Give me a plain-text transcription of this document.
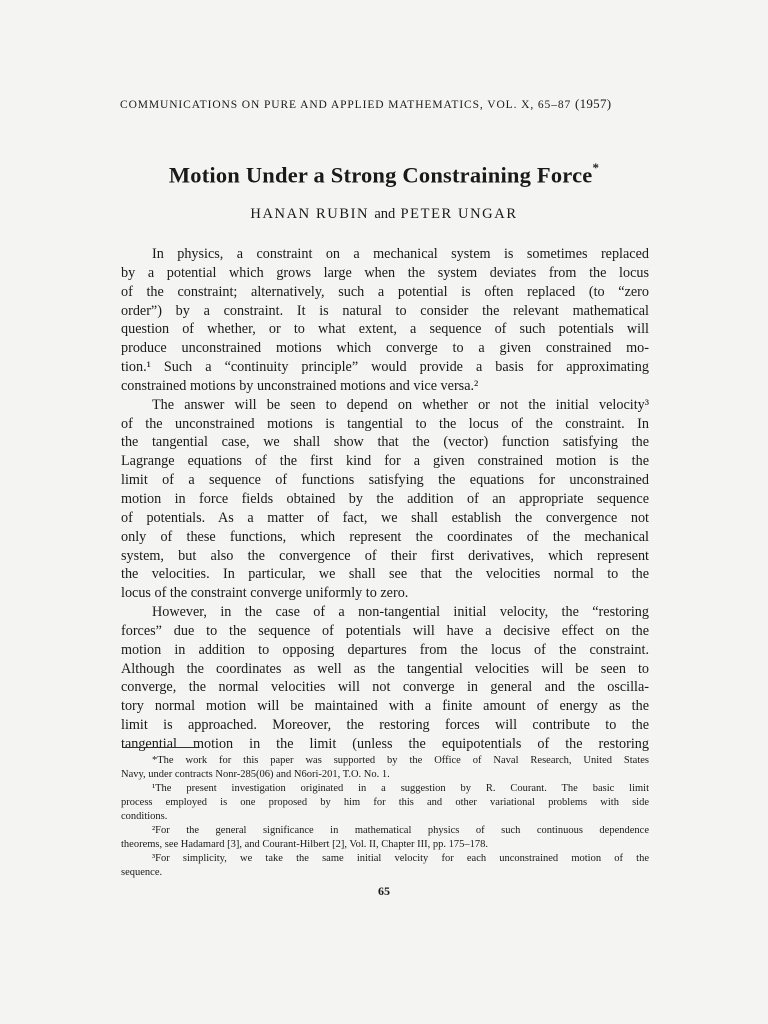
COMMUNICATIONS ON PURE AND APPLIED MATHEMATICS, VOL. X, 65–87 (1957)
Motion Under a Strong Constraining Force*
HANAN RUBIN and PETER UNGAR
In physics, a constraint on a mechanical system is sometimes replaced
by a potential which grows large when the system deviates from the locus
of the constraint; alternatively, such a potential is often replaced (to “zero
order”) by a constraint. It is natural to consider the relevant mathematical
question of whether, or to what extent, a sequence of such potentials will
produce unconstrained motions which converge to a given constrained mo-
tion.¹ Such a “continuity principle” would provide a basis for approximating
constrained motions by unconstrained motions and vice versa.²
The answer will be seen to depend on whether or not the initial velocity³
of the unconstrained motions is tangential to the locus of the constraint. In
the tangential case, we shall show that the (vector) function satisfying the
Lagrange equations of the first kind for a given constrained motion is the
limit of a sequence of functions satisfying the equations for unconstrained
motion in force fields obtained by the addition of an appropriate sequence
of potentials. As a matter of fact, we shall establish the convergence not
only of these functions, which represent the coordinates of the mechanical
system, but also the convergence of their first derivatives, which represent
the velocities. In particular, we shall see that the velocities normal to the
locus of the constraint converge uniformly to zero.
However, in the case of a non-tangential initial velocity, the “restoring
forces” due to the sequence of potentials will have a decisive effect on the
motion in addition to opposing departures from the locus of the constraint.
Although the coordinates as well as the tangential velocities will be seen to
converge, the normal velocities will not converge in general and the oscilla-
tory normal motion will be maintained with a finite amount of energy as the
limit is approached. Moreover, the restoring forces will contribute to the
tangential motion in the limit (unless the equipotentials of the restoring
*The work for this paper was supported by the Office of Naval Research, United States
Navy, under contracts Nonr-285(06) and N6ori-201, T.O. No. 1.
¹The present investigation originated in a suggestion by R. Courant. The basic limit
process employed is one proposed by him for this and other variational problems with side
conditions.
²For the general significance in mathematical physics of such continuous dependence
theorems, see Hadamard [3], and Courant-Hilbert [2], Vol. II, Chapter III, pp. 175–178.
³For simplicity, we take the same initial velocity for each unconstrained motion of the
sequence.
65
